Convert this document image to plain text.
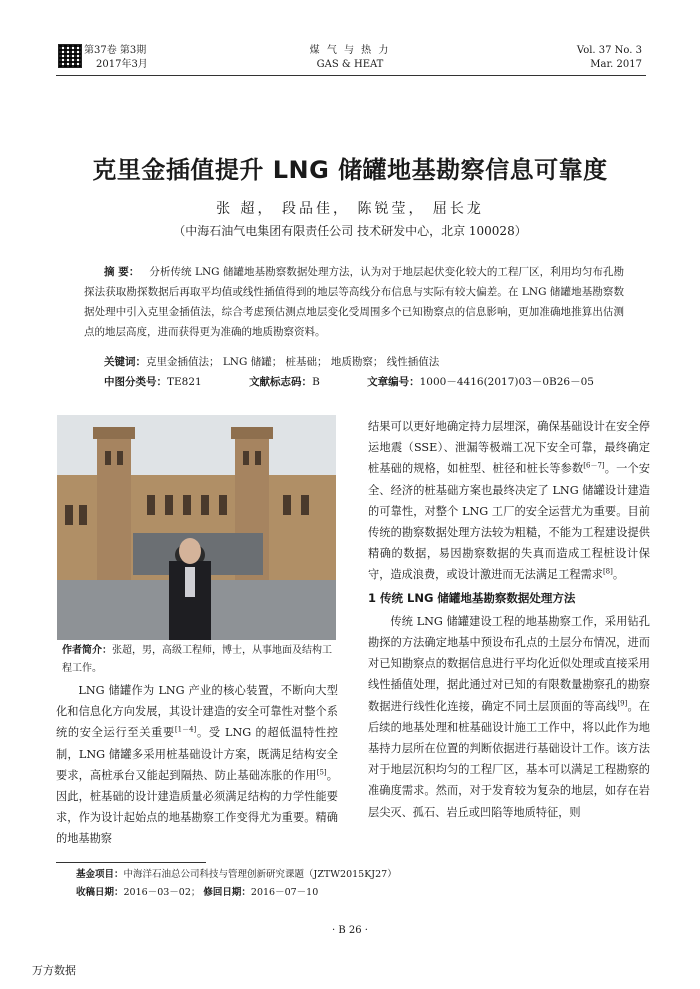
第37卷 第3期
2017年3月
煤 气 与 热 力
GAS & HEAT
Vol. 37 No. 3
Mar. 2017
克里金插值提升 LNG 储罐地基勘察信息可靠度
张 超， 段品佳， 陈锐莹， 屈长龙
（中海石油气电集团有限责任公司 技术研发中心，北京 100028）
摘 要： 分析传统 LNG 储罐地基勘察数据处理方法，认为对于地层起伏变化较大的工程厂区，利用均匀布孔勘探法获取勘探数据后再取平均值或线性插值得到的地层等高线分布信息与实际有较大偏差。在 LNG 储罐地基勘察数据处理中引入克里金插值法，综合考虑预估测点地层变化受周围多个已知勘察点的信息影响，更加准确地推算出估测点的地层高度，进而获得更为准确的地质勘察资料。
关键词：克里金插值法； LNG 储罐； 桩基础； 地质勘察； 线性插值法
中图分类号：TE821	文献标志码：B	文章编号：1000－4416(2017)03－0B26－05
作者简介：张超，男，高级工程师，博士，从事地面及结构工程工作。

LNG 储罐作为 LNG 产业的核心装置，不断向大型化和信息化方向发展，其设计建造的安全可靠性对整个系统的安全运行至关重要[1－4]。受 LNG 的超低温特性控制，LNG 储罐多采用桩基础设计方案，既满足结构安全要求，高桩承台又能起到隔热、防止基础冻胀的作用[5]。因此，桩基础的设计建造质量必须满足结构的力学性能要求，作为设计起始点的地基勘察工作变得尤为重要。精确的地基勘察

结果可以更好地确定持力层埋深，确保基础设计在安全停运地震（SSE）、泄漏等极端工况下安全可靠，最终确定桩基础的规格，如桩型、桩径和桩长等参数[6－7]。一个安全、经济的桩基础方案也最终决定了 LNG 储罐设计建造的可靠性，对整个 LNG 工厂的安全运营尤为重要。目前传统的勘察数据处理方法较为粗糙，不能为工程建设提供精确的数据，易因勘察数据的失真而造成工程桩设计保守，造成浪费，或设计激进而无法满足工程需求[8]。

1 传统 LNG 储罐地基勘察数据处理方法

传统 LNG 储罐建设工程的地基勘察工作，采用钻孔勘探的方法确定地基中预设布孔点的土层分布情况，进而对已知勘察点的数据信息进行平均化近似处理或直接采用线性插值处理，据此通过对已知的有限数量勘察孔的勘察数据进行线性化连接，确定不同土层顶面的等高线[9]。在后续的地基处理和桩基础设计施工工作中，将以此作为地基持力层所在位置的判断依据进行基础设计工作。该方法对于地层沉积均匀的工程厂区，基本可以满足工程勘察的准确度需求。然而，对于发育较为复杂的地层，如存在岩层尖灭、孤石、岩丘或凹陷等地质特征，则

基金项目：中海洋石油总公司科技与管理创新研究课题（JZTW2015KJ27）
收稿日期：2016－03－02； 修回日期：2016－07－10
· B 26 ·
万方数据
